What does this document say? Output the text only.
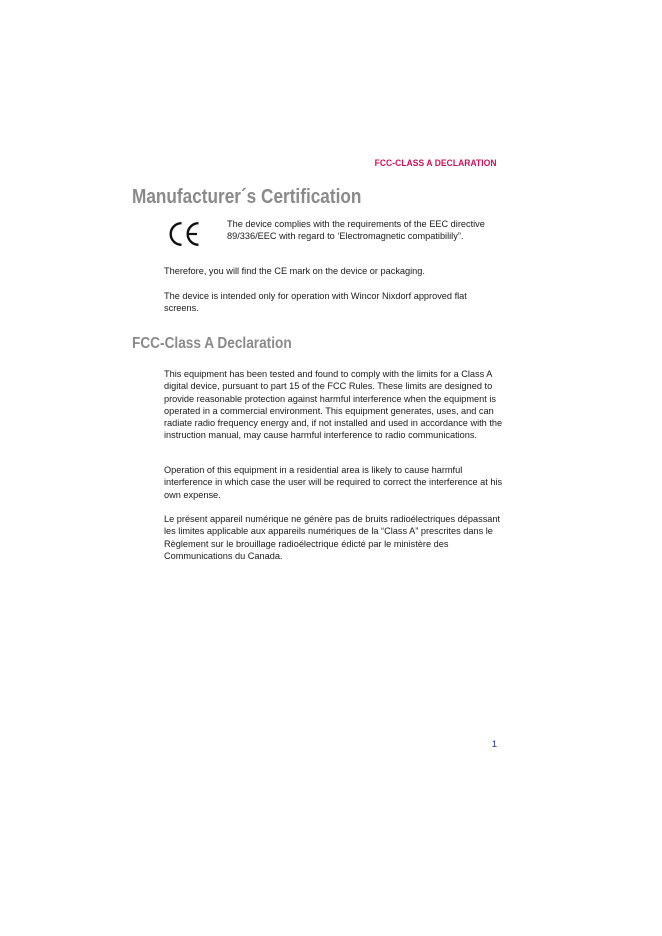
FCC-CLASS A DECLARATION
Manufacturer´s Certification

The device complies with the requirements of the EEC directive 89/336/EEC with regard to ‘Electromagnetic compatibilily”.

Therefore, you will find the CE mark on the device or packaging.

The device is intended only for operation with Wincor Nixdorf approved flat screens.

FCC-Class A Declaration

This equipment has been tested and found to comply with the limits for a Class A digital device, pursuant to part 15 of the FCC Rules. These limits are designed to provide reasonable protection against harmful interference when the equipment is operated in a commercial environment. This equipment generates, uses, and can radiate radio frequency energy and, if not installed and used in accordance with the instruction manual, may cause harmful interference to radio communications.

Operation of this equipment in a residential area is likely to cause harmful interference in which case the user will be required to correct the interference at his own expense.

Le présent appareil numérique ne génère pas de bruits radioélectriques dépassant les limites applicable aux appareils numériques de la “Class A” prescrites dans le Règlement sur le brouillage radioélectrique édicté par le ministère des Communications du Canada.

1
